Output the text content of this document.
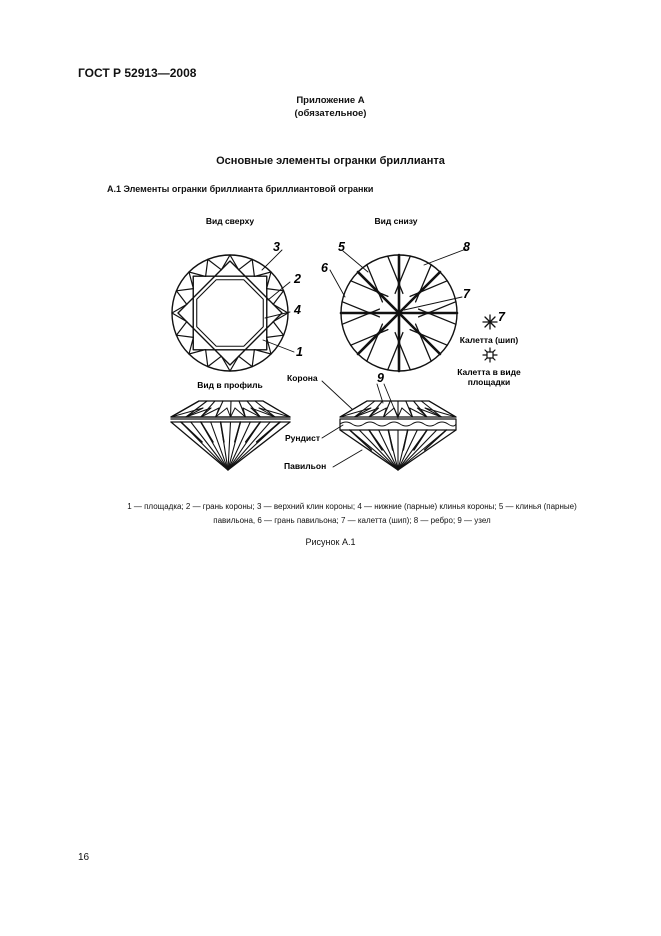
ГОСТ Р 52913—2008
Приложение А
(обязательное)
Основные элементы огранки бриллианта
А.1 Элементы огранки бриллианта бриллиантовой огранки
Вид сверху	Вид снизу
Вид в профиль
Корона
Рундист
Павильон
Калетта (шип)
Калетта в виде
площадки
3
2
4
1
5
6
8
7
7
9

1 — площадка; 2 — грань короны; 3 — верхний клин короны; 4 — нижние (парные) клинья короны; 5 — клинья (парные)

павильона, 6 — грань павильона; 7 — калетта (шип); 8 — ребро; 9 — узел

Рисунок А.1
16
